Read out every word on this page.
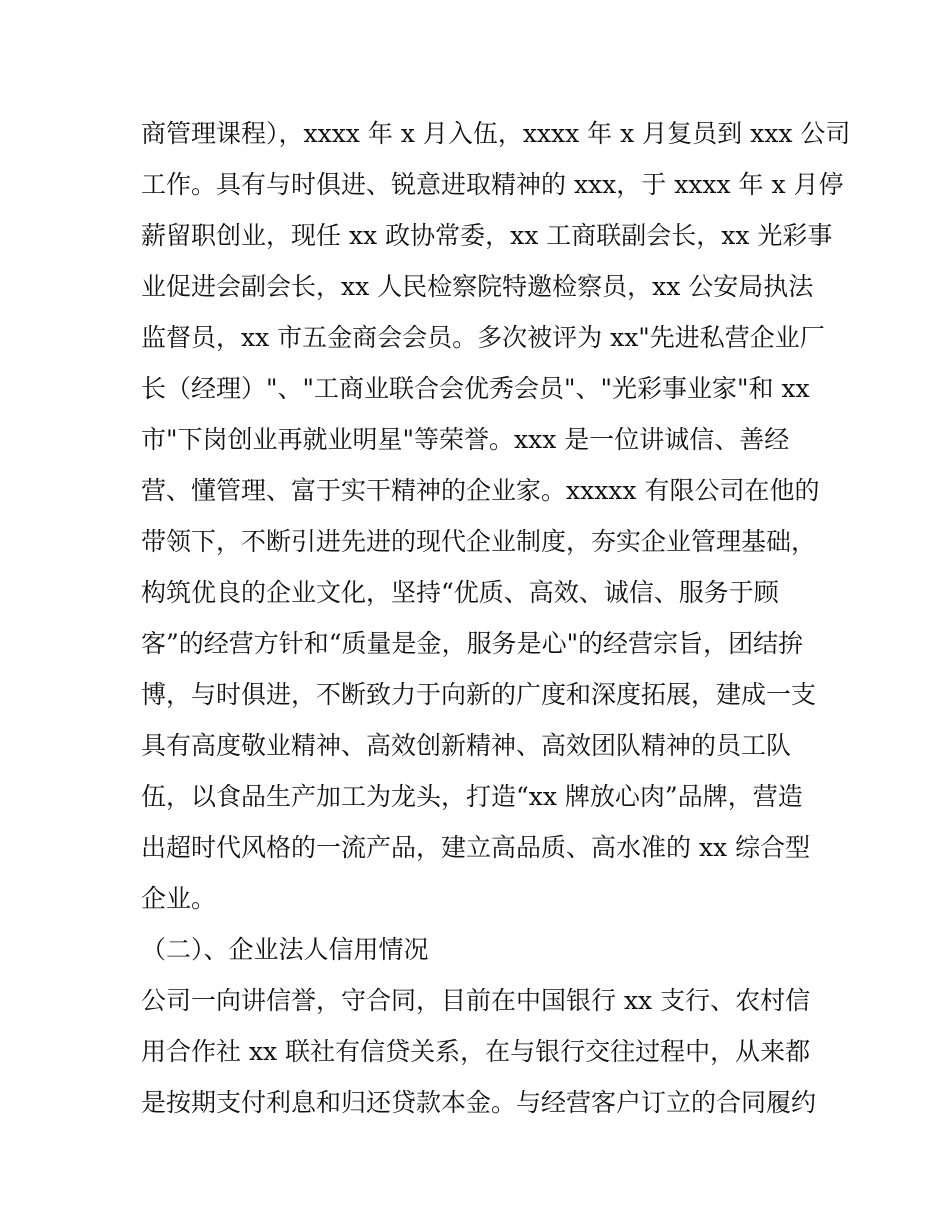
商管理课程），xxxx 年 x 月入伍，xxxx 年 x 月复员到 xxx 公司
工作。具有与时俱进、锐意进取精神的 xxx，于 xxxx 年 x 月停
薪留职创业，现任 xx 政协常委，xx 工商联副会长，xx 光彩事
业促进会副会长，xx 人民检察院特邀检察员，xx 公安局执法
监督员，xx 市五金商会会员。多次被评为 xx"先进私营企业厂
长（经理）"、"工商业联合会优秀会员"、"光彩事业家"和 xx
市"下岗创业再就业明星"等荣誉。xxx 是一位讲诚信、善经
营、懂管理、富于实干精神的企业家。xxxxx 有限公司在他的
带领下，不断引进先进的现代企业制度，夯实企业管理基础，
构筑优良的企业文化，坚持“优质、高效、诚信、服务于顾
客”的经营方针和“质量是金，服务是心"的经营宗旨，团结拚
博，与时俱进，不断致力于向新的广度和深度拓展，建成一支
具有高度敬业精神、高效创新精神、高效团队精神的员工队
伍，以食品生产加工为龙头，打造“xx 牌放心肉”品牌，营造
出超时代风格的一流产品，建立高品质、高水准的 xx 综合型
企业。
（二）、企业法人信用情况
公司一向讲信誉，守合同，目前在中国银行 xx 支行、农村信
用合作社 xx 联社有信贷关系，在与银行交往过程中，从来都
是按期支付利息和归还贷款本金。与经营客户订立的合同履约
